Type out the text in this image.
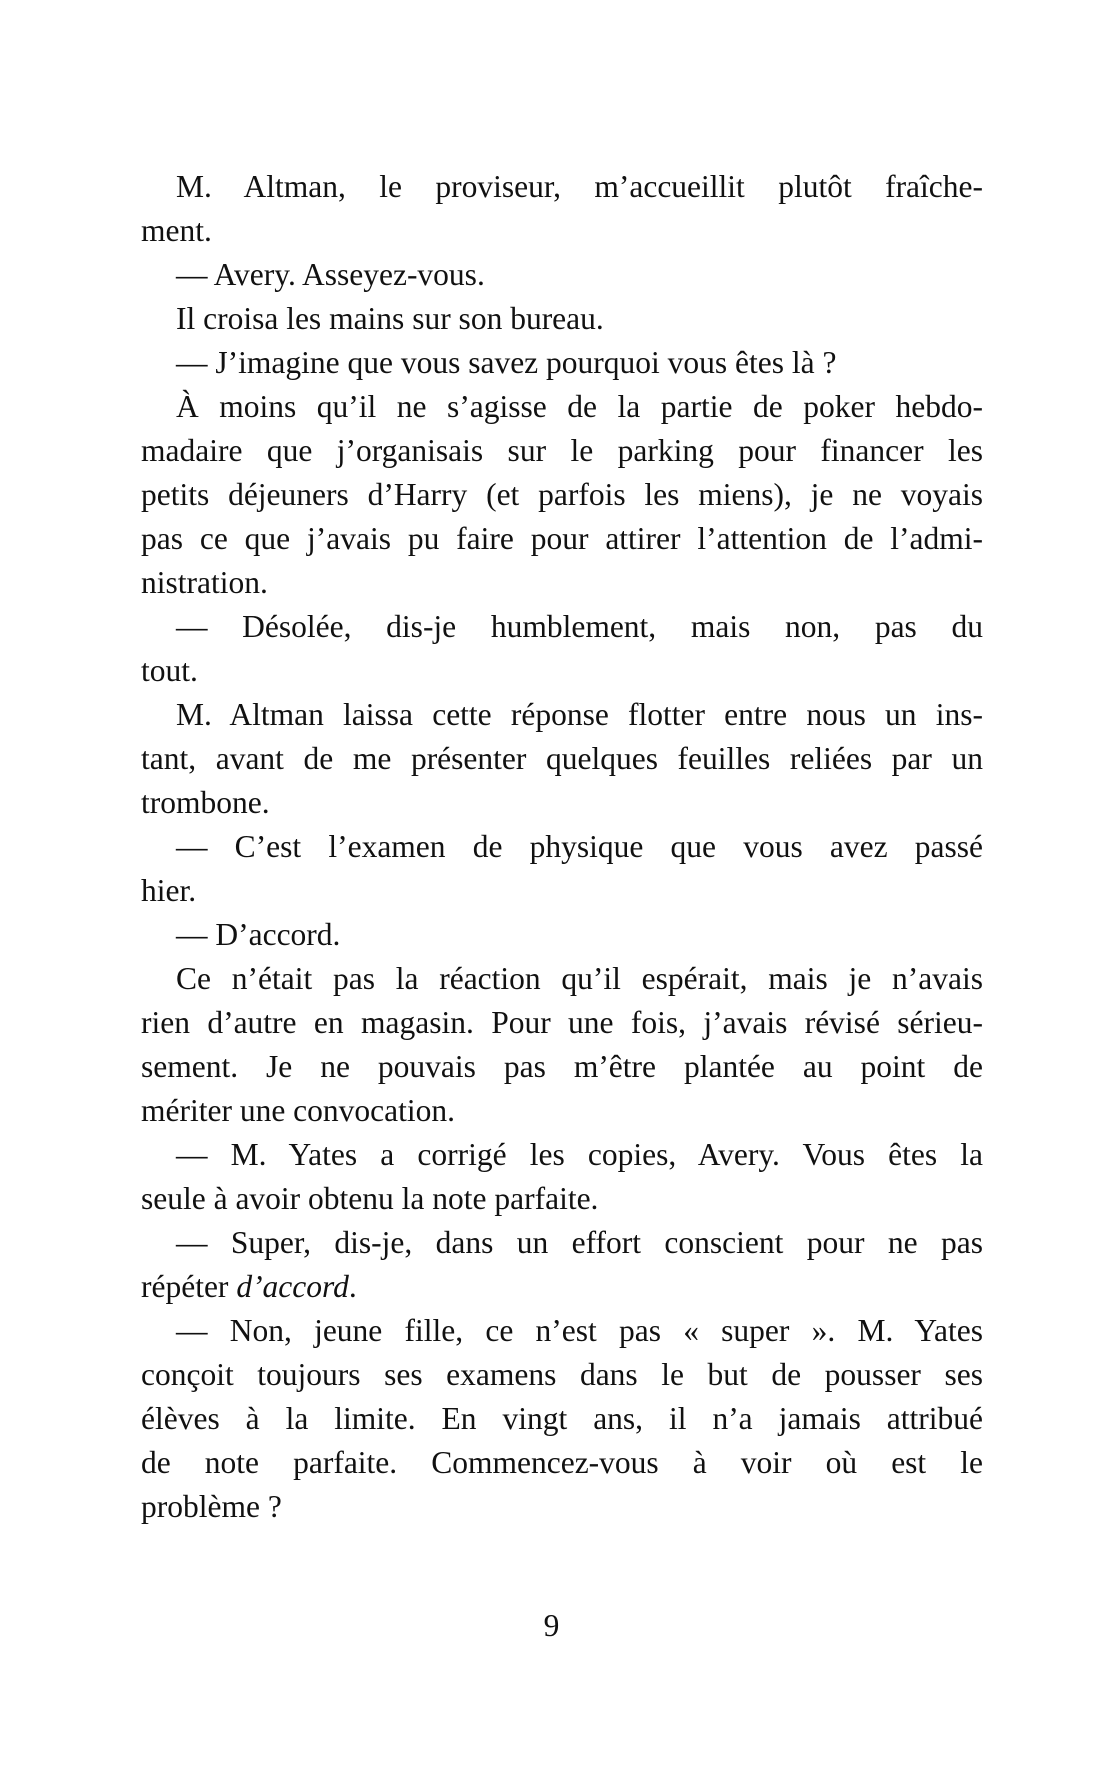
M. Altman, le proviseur, m’accueillit plutôt fraîche-
ment.
— Avery. Asseyez-vous.
Il croisa les mains sur son bureau.
— J’imagine que vous savez pourquoi vous êtes là ?
À moins qu’il ne s’agisse de la partie de poker hebdo-
madaire que j’organisais sur le parking pour financer les
petits déjeuners d’Harry (et parfois les miens), je ne voyais
pas ce que j’avais pu faire pour attirer l’attention de l’admi-
nistration.
— Désolée, dis-je humblement, mais non, pas du
tout.
M. Altman laissa cette réponse flotter entre nous un ins-
tant, avant de me présenter quelques feuilles reliées par un
trombone.
— C’est l’examen de physique que vous avez passé
hier.
— D’accord.
Ce n’était pas la réaction qu’il espérait, mais je n’avais
rien d’autre en magasin. Pour une fois, j’avais révisé sérieu-
sement. Je ne pouvais pas m’être plantée au point de
mériter une convocation.
— M. Yates a corrigé les copies, Avery. Vous êtes la
seule à avoir obtenu la note parfaite.
— Super, dis-je, dans un effort conscient pour ne pas
répéter d’accord.
— Non, jeune fille, ce n’est pas « super ». M. Yates
conçoit toujours ses examens dans le but de pousser ses
élèves à la limite. En vingt ans, il n’a jamais attribué
de note parfaite. Commencez-vous à voir où est le
problème ?
9
